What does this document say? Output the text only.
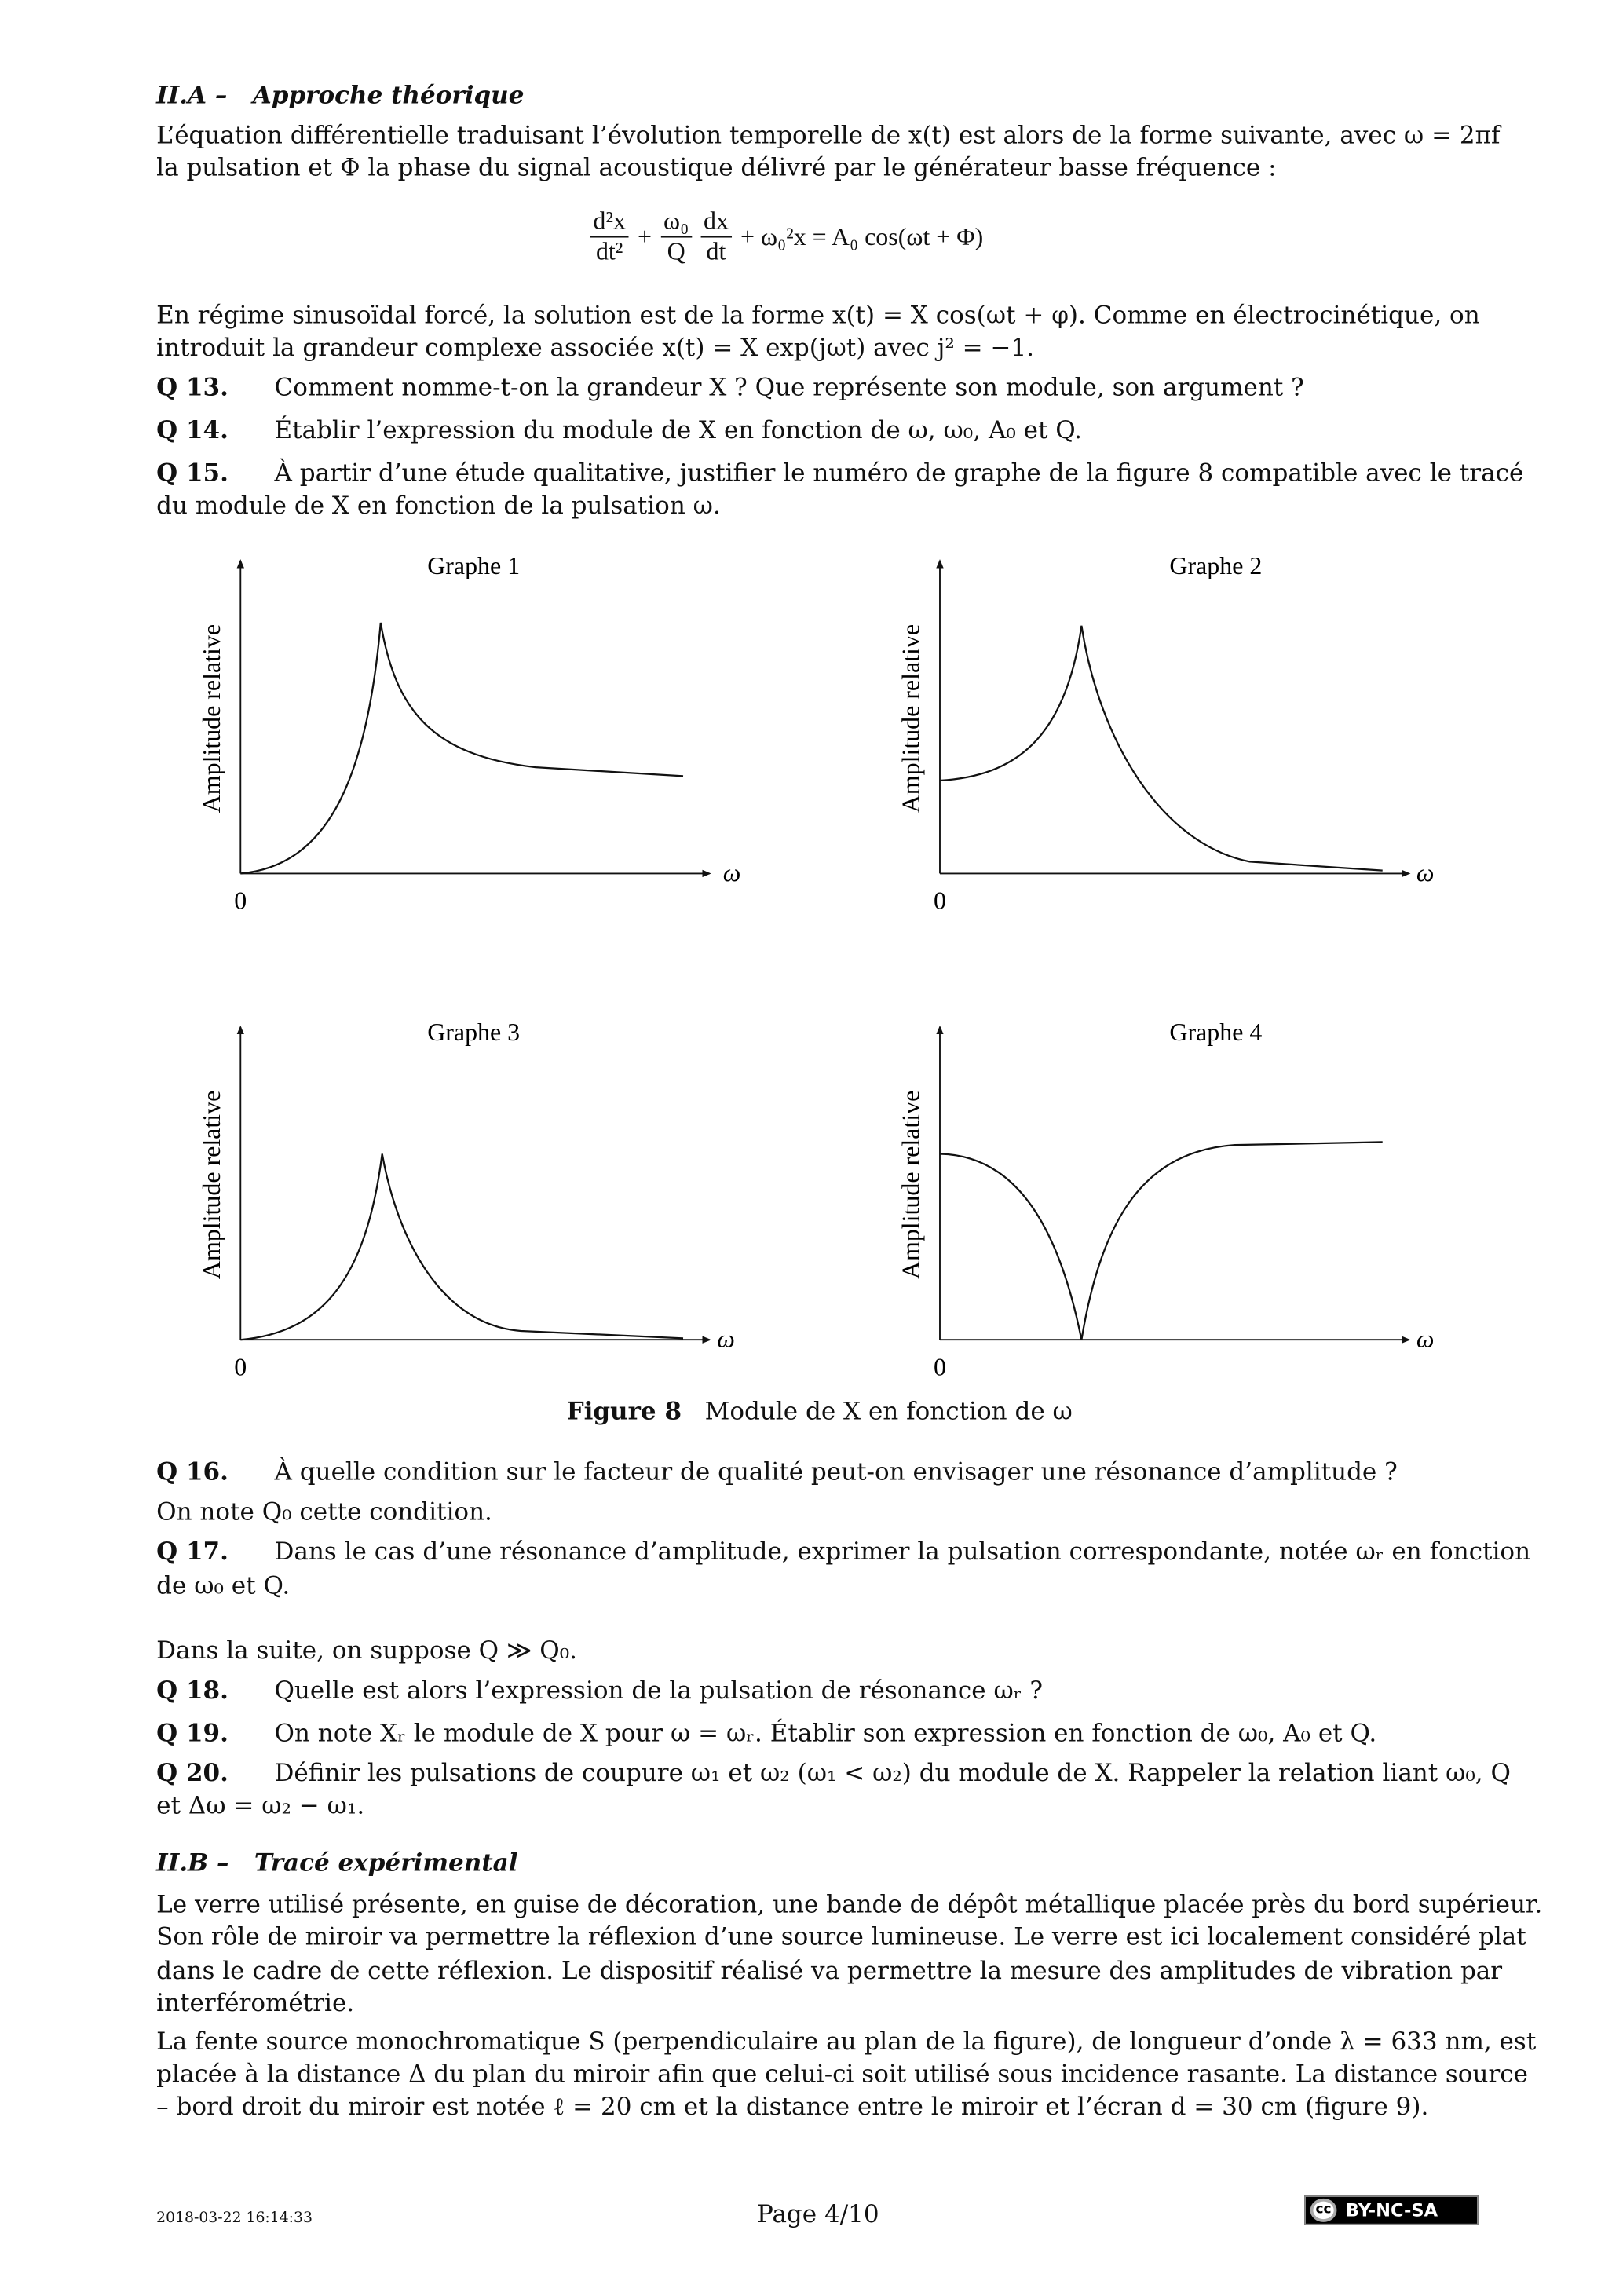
II.A – Approche théorique
L’équation différentielle traduisant l’évolution temporelle de x(t) est alors de la forme suivante, avec ω = 2πf
la pulsation et Φ la phase du signal acoustique délivré par le générateur basse fréquence :
$\frac{\text{d²x}}{\text{dt²}} + \frac{\text{ω₀}}{Q} \frac{dx}{dt} + \omega_0^2x = A_0$ cos(ωt + Φ)
En régime sinusoïdal forcé, la solution est de la forme x(t) = X cos(ωt + φ). Comme en électrocinétique, on
introduit la grandeur complexe associée x(t) = X exp(jωt) avec j² = −1.
Q 13.	Comment nomme-t-on la grandeur X ? Que représente son module, son argument ?
Q 14.	Établir l’expression du module de X en fonction de ω, ω₀, A₀ et Q.
Q 15.	À partir d’une étude qualitative, justifier le numéro de graphe de la figure 8 compatible avec le tracé
du module de X en fonction de la pulsation ω.
Graphe 1
0
ω
Amplitude relative
Graphe 2
0
ω
Amplitude relative
Graphe 3
0
ω
Amplitude relative
Graphe 4
0
ω
Amplitude relative
Figure 8 Module de X en fonction de ω
Q 16.	À quelle condition sur le facteur de qualité peut-on envisager une résonance d’amplitude ?
On note Q₀ cette condition.
Q 17.	Dans le cas d’une résonance d’amplitude, exprimer la pulsation correspondante, notée ωᵣ en fonction
de ω₀ et Q.
Dans la suite, on suppose Q ≫ Q₀.
Q 18.	Quelle est alors l’expression de la pulsation de résonance ωᵣ ?
Q 19.	On note Xᵣ le module de X pour ω = ωᵣ. Établir son expression en fonction de ω₀, A₀ et Q.
Q 20.	Définir les pulsations de coupure ω₁ et ω₂ (ω₁ < ω₂) du module de X. Rappeler la relation liant ω₀, Q
et Δω = ω₂ − ω₁.
II.B – Tracé expérimental
Le verre utilisé présente, en guise de décoration, une bande de dépôt métallique placée près du bord supérieur.
Son rôle de miroir va permettre la réflexion d’une source lumineuse. Le verre est ici localement considéré plat
dans le cadre de cette réflexion. Le dispositif réalisé va permettre la mesure des amplitudes de vibration par
interférométrie.
La fente source monochromatique S (perpendiculaire au plan de la figure), de longueur d’onde λ = 633 nm, est
placée à la distance Δ du plan du miroir afin que celui-ci soit utilisé sous incidence rasante. La distance source
– bord droit du miroir est notée ℓ = 20 cm et la distance entre le miroir et l’écran d = 30 cm (figure 9).
2018-03-22 16:14:33	Page 4/10	cc	BY-NC-SA
